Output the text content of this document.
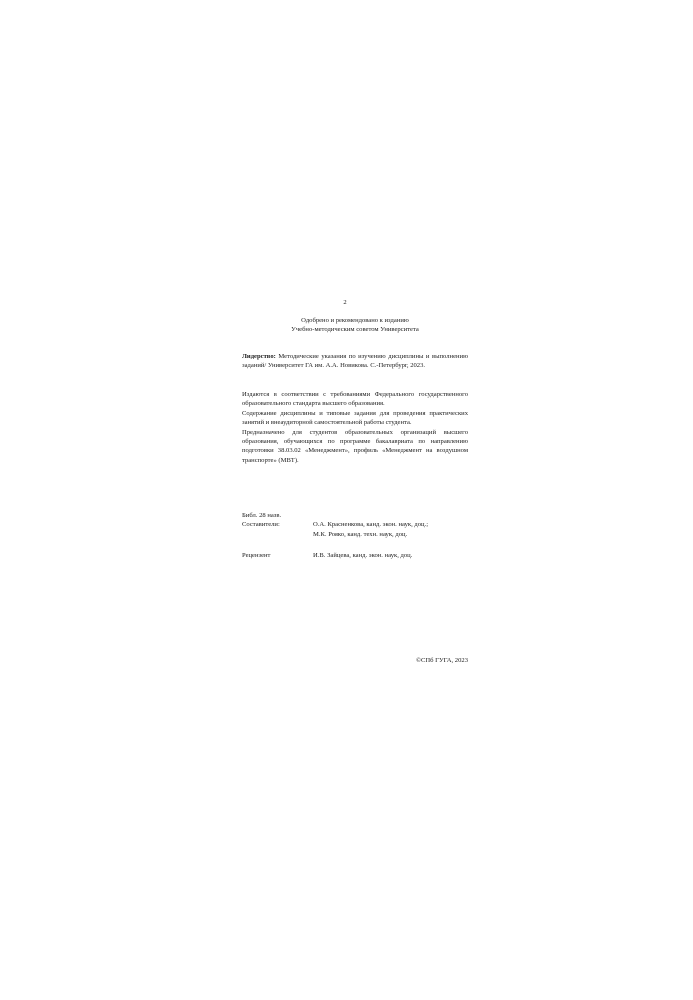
2
Одобрено и рекомендовано к изданию
Учебно-методическим советом Университета
Лидерство: Методические указания по изучению дисциплины и выполнению заданий/ Университет ГА им. А.А. Новикова. С.-Петербург, 2023.

Издаются в соответствии с требованиями Федерального государственного образовательного стандарта высшего образования.

Содержание дисциплины и типовые задания для проведения практических занятий и внеаудиторной самостоятельной работы студента.

Предназначено для студентов образовательных организаций высшего образования, обучающихся по программе бакалавриата по направлению подготовки 38.03.02 «Менеджмент», профиль «Менеджмент на воздушном транспорте» (МВТ).

Библ. 28 назв.
Составители:	О.А. Красненкова, канд. экон. наук, доц.;
М.К. Рояко, канд. техн. наук, доц.
Рецензент	И.В. Зайцева, канд. экон. наук, доц.
©СПб ГУГА, 2023
